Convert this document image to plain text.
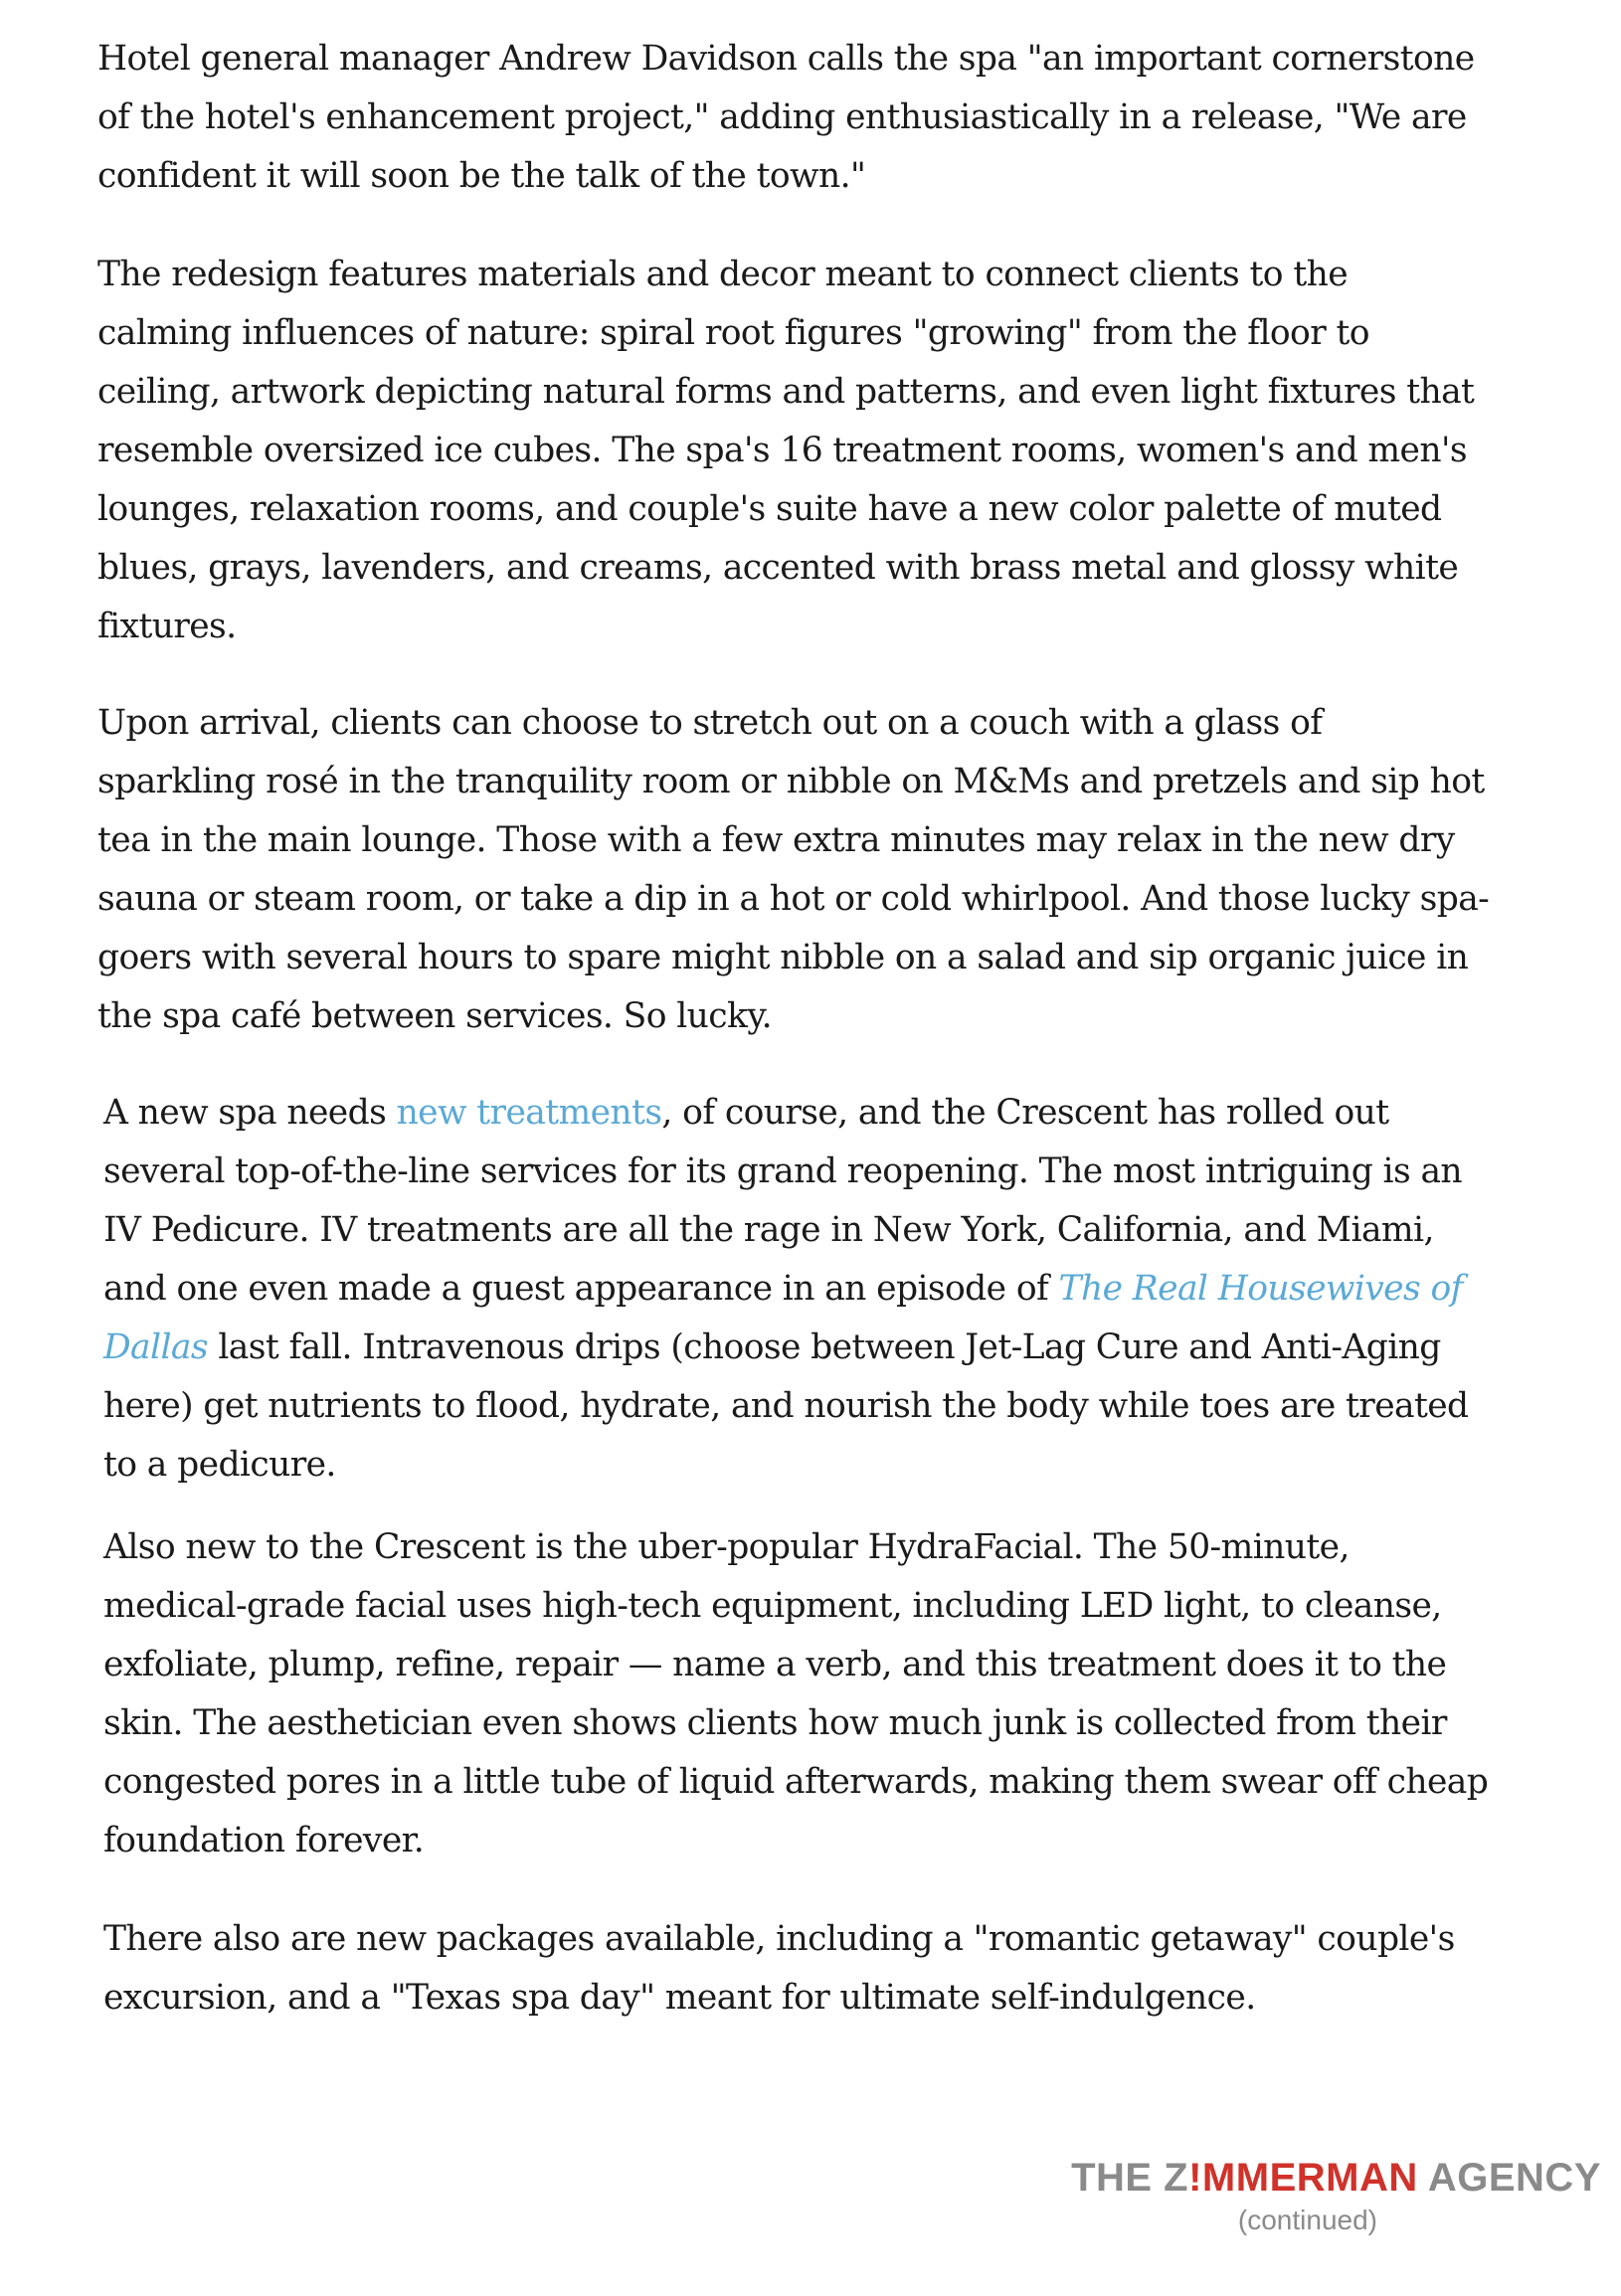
Hotel general manager Andrew Davidson calls the spa "an important cornerstone of the hotel's enhancement project," adding enthusiastically in a release, "We are confident it will soon be the talk of the town."

The redesign features materials and decor meant to connect clients to the calming influences of nature: spiral root figures "growing" from the floor to ceiling, artwork depicting natural forms and patterns, and even light fixtures that resemble oversized ice cubes. The spa's 16 treatment rooms, women's and men's lounges, relaxation rooms, and couple's suite have a new color palette of muted blues, grays, lavenders, and creams, accented with brass metal and glossy white fixtures.

Upon arrival, clients can choose to stretch out on a couch with a glass of sparkling rosé in the tranquility room or nibble on M&Ms and pretzels and sip hot tea in the main lounge. Those with a few extra minutes may relax in the new dry sauna or steam room, or take a dip in a hot or cold whirlpool. And those lucky spa-goers with several hours to spare might nibble on a salad and sip organic juice in the spa café between services. So lucky.

A new spa needs new treatments, of course, and the Crescent has rolled out several top-of-the-line services for its grand reopening. The most intriguing is an IV Pedicure. IV treatments are all the rage in New York, California, and Miami, and one even made a guest appearance in an episode of The Real Housewives of Dallas last fall. Intravenous drips (choose between Jet-Lag Cure and Anti-Aging here) get nutrients to flood, hydrate, and nourish the body while toes are treated to a pedicure.

Also new to the Crescent is the uber-popular HydraFacial. The 50-minute, medical-grade facial uses high-tech equipment, including LED light, to cleanse, exfoliate, plump, refine, repair — name a verb, and this treatment does it to the skin. The aesthetician even shows clients how much junk is collected from their congested pores in a little tube of liquid afterwards, making them swear off cheap foundation forever.

There also are new packages available, including a "romantic getaway" couple's excursion, and a "Texas spa day" meant for ultimate self-indulgence.

THE Z!MMERMAN AGENCY
(continued)
